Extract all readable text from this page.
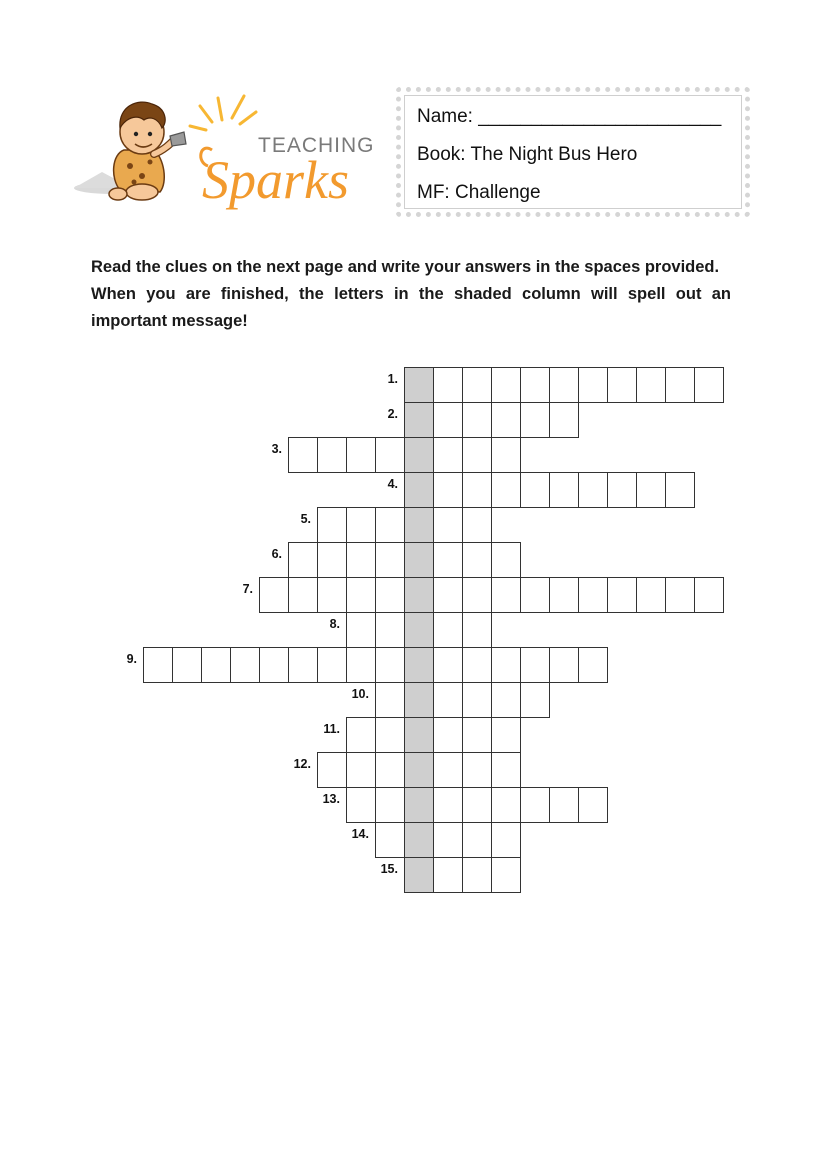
TEACHING
Sparks
Name: _______________________
Book: The Night Bus Hero
MF: Challenge
Read the clues on the next page and write your answers in the spaces provided.
When you are finished, the letters in the shaded column will spell out an
important message!
1.
2.
3.
4.
5.
6.
7.
8.
9.
10.
11.
12.
13.
14.
15.
